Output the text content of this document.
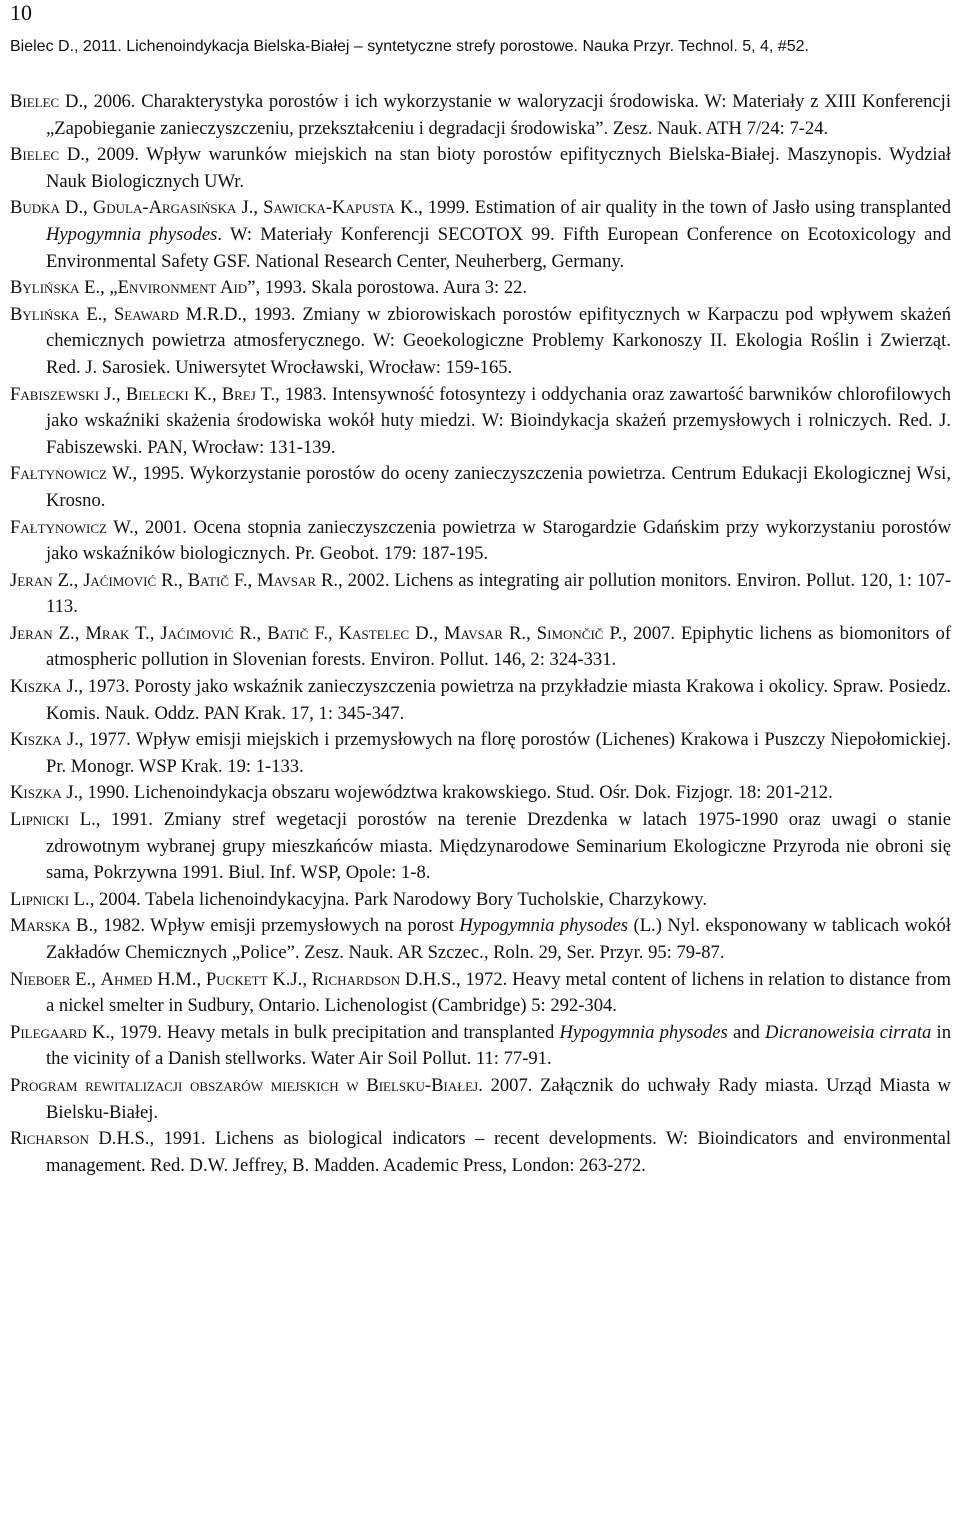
10
Bielec D., 2011. Lichenoindykacja Bielska-Białej – syntetyczne strefy porostowe. Nauka Przyr. Technol. 5, 4, #52.
Bielec D., 2006. Charakterystyka porostów i ich wykorzystanie w waloryzacji środowiska. W: Materiały z XIII Konferencji „Zapobieganie zanieczyszczeniu, przekształceniu i degradacji środowiska”. Zesz. Nauk. ATH 7/24: 7-24.
Bielec D., 2009. Wpływ warunków miejskich na stan bioty porostów epifitycznych Bielska-Białej. Maszynopis. Wydział Nauk Biologicznych UWr.
Budka D., Gdula-Argasińska J., Sawicka-Kapusta K., 1999. Estimation of air quality in the town of Jasło using transplanted Hypogymnia physodes. W: Materiały Konferencji SECOTOX 99. Fifth European Conference on Ecotoxicology and Environmental Safety GSF. National Research Center, Neuherberg, Germany.
Bylińska E., „Environment Aid”, 1993. Skala porostowa. Aura 3: 22.
Bylińska E., Seaward M.R.D., 1993. Zmiany w zbiorowiskach porostów epifitycznych w Karpaczu pod wpływem skażeń chemicznych powietrza atmosferycznego. W: Geoekologiczne Problemy Karkonoszy II. Ekologia Roślin i Zwierząt. Red. J. Sarosiek. Uniwersytet Wrocławski, Wrocław: 159-165.
Fabiszewski J., Bielecki K., Brej T., 1983. Intensywność fotosyntezy i oddychania oraz zawartość barwników chlorofilowych jako wskaźniki skażenia środowiska wokół huty miedzi. W: Bioindykacja skażeń przemysłowych i rolniczych. Red. J. Fabiszewski. PAN, Wrocław: 131-139.
Fałtynowicz W., 1995. Wykorzystanie porostów do oceny zanieczyszczenia powietrza. Centrum Edukacji Ekologicznej Wsi, Krosno.
Fałtynowicz W., 2001. Ocena stopnia zanieczyszczenia powietrza w Starogardzie Gdańskim przy wykorzystaniu porostów jako wskaźników biologicznych. Pr. Geobot. 179: 187-195.
Jeran Z., Jaćimović R., Batič F., Mavsar R., 2002. Lichens as integrating air pollution monitors. Environ. Pollut. 120, 1: 107-113.
Jeran Z., Mrak T., Jaćimović R., Batič F., Kastelec D., Mavsar R., Simončič P., 2007. Epiphytic lichens as biomonitors of atmospheric pollution in Slovenian forests. Environ. Pollut. 146, 2: 324-331.
Kiszka J., 1973. Porosty jako wskaźnik zanieczyszczenia powietrza na przykładzie miasta Krakowa i okolicy. Spraw. Posiedz. Komis. Nauk. Oddz. PAN Krak. 17, 1: 345-347.
Kiszka J., 1977. Wpływ emisji miejskich i przemysłowych na florę porostów (Lichenes) Krakowa i Puszczy Niepołomickiej. Pr. Monogr. WSP Krak. 19: 1-133.
Kiszka J., 1990. Lichenoindykacja obszaru województwa krakowskiego. Stud. Ośr. Dok. Fizjogr. 18: 201-212.
Lipnicki L., 1991. Zmiany stref wegetacji porostów na terenie Drezdenka w latach 1975-1990 oraz uwagi o stanie zdrowotnym wybranej grupy mieszkańców miasta. Międzynarodowe Seminarium Ekologiczne Przyroda nie obroni się sama, Pokrzywna 1991. Biul. Inf. WSP, Opole: 1-8.
Lipnicki L., 2004. Tabela lichenoindykacyjna. Park Narodowy Bory Tucholskie, Charzykowy.
Marska B., 1982. Wpływ emisji przemysłowych na porost Hypogymnia physodes (L.) Nyl. eksponowany w tablicach wokół Zakładów Chemicznych „Police”. Zesz. Nauk. AR Szczec., Roln. 29, Ser. Przyr. 95: 79-87.
Nieboer E., Ahmed H.M., Puckett K.J., Richardson D.H.S., 1972. Heavy metal content of lichens in relation to distance from a nickel smelter in Sudbury, Ontario. Lichenologist (Cambridge) 5: 292-304.
Pilegaard K., 1979. Heavy metals in bulk precipitation and transplanted Hypogymnia physodes and Dicranoweisia cirrata in the vicinity of a Danish stellworks. Water Air Soil Pollut. 11: 77-91.
Program rewitalizacji obszarów miejskich w Bielsku-Białej. 2007. Załącznik do uchwały Rady miasta. Urząd Miasta w Bielsku-Białej.
Richarson D.H.S., 1991. Lichens as biological indicators – recent developments. W: Bioindicators and environmental management. Red. D.W. Jeffrey, B. Madden. Academic Press, London: 263-272.
